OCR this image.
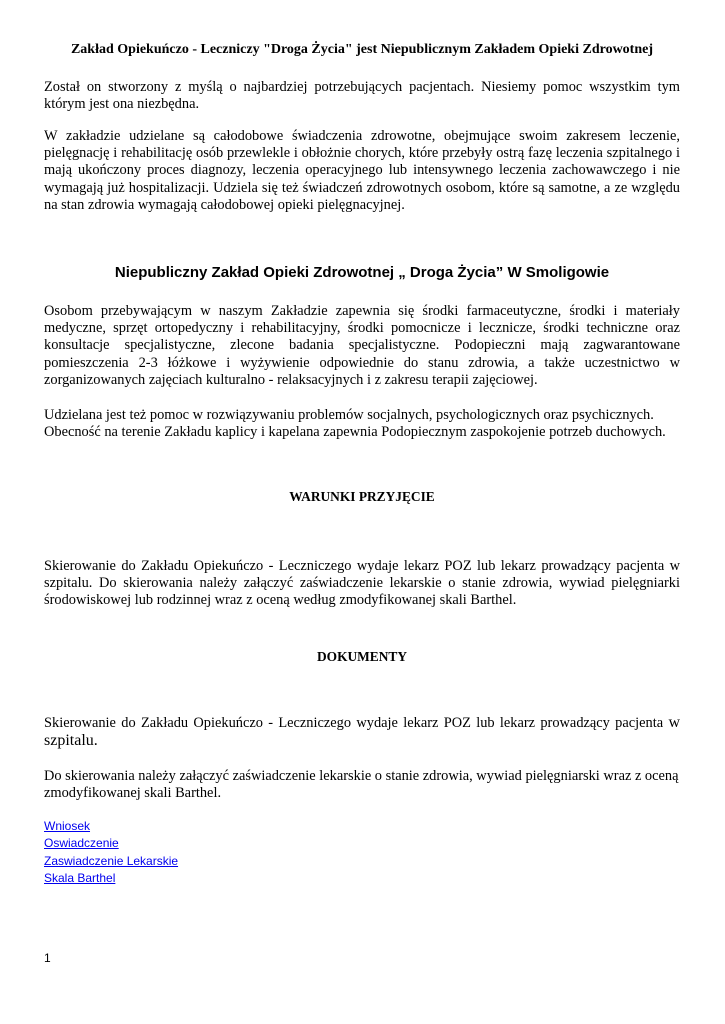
Zakład Opiekuńczo - Leczniczy "Droga Życia" jest Niepublicznym Zakładem Opieki Zdrowotnej
Został on stworzony z myślą o najbardziej potrzebujących pacjentach. Niesiemy pomoc wszystkim tym którym jest ona niezbędna.
W zakładzie udzielane są całodobowe świadczenia zdrowotne, obejmujące swoim zakresem leczenie, pielęgnację i rehabilitację osób przewlekle i obłożnie chorych, które przebyły ostrą fazę leczenia szpitalnego i mają ukończony proces diagnozy, leczenia operacyjnego lub intensywnego leczenia zachowawczego i nie wymagają już hospitalizacji. Udziela się też świadczeń zdrowotnych osobom, które są samotne, a ze względu na stan zdrowia wymagają całodobowej opieki pielęgnacyjnej.
Niepubliczny Zakład Opieki Zdrowotnej „ Droga Życia” W Smoligowie
Osobom przebywającym w naszym Zakładzie zapewnia się środki farmaceutyczne, środki i materiały medyczne, sprzęt ortopedyczny i rehabilitacyjny, środki pomocnicze i lecznicze, środki techniczne oraz konsultacje specjalistyczne, zlecone badania specjalistyczne. Podopieczni mają zagwarantowane pomieszczenia 2-3 łóżkowe i wyżywienie odpowiednie do stanu zdrowia, a także uczestnictwo w zorganizowanych zajęciach kulturalno - relaksacyjnych i z zakresu terapii zajęciowej.
Udzielana jest też pomoc w rozwiązywaniu problemów socjalnych, psychologicznych oraz psychicznych. Obecność na terenie Zakładu kaplicy i kapelana zapewnia Podopiecznym zaspokojenie potrzeb duchowych.
WARUNKI PRZYJĘCIE
Skierowanie do Zakładu Opiekuńczo - Leczniczego wydaje lekarz POZ lub lekarz prowadzący pacjenta w szpitalu. Do skierowania należy załączyć zaświadczenie lekarskie o stanie zdrowia, wywiad pielęgniarki środowiskowej lub rodzinnej wraz z oceną według zmodyfikowanej skali Barthel.
DOKUMENTY
Skierowanie do Zakładu Opiekuńczo - Leczniczego wydaje lekarz POZ lub lekarz prowadzący pacjenta w szpitalu.
Do skierowania należy załączyć zaświadczenie lekarskie o stanie zdrowia, wywiad pielęgniarski wraz z oceną zmodyfikowanej skali Barthel.
Wniosek
Oswiadczenie
Zaswiadczenie Lekarskie
Skala Barthel
1
